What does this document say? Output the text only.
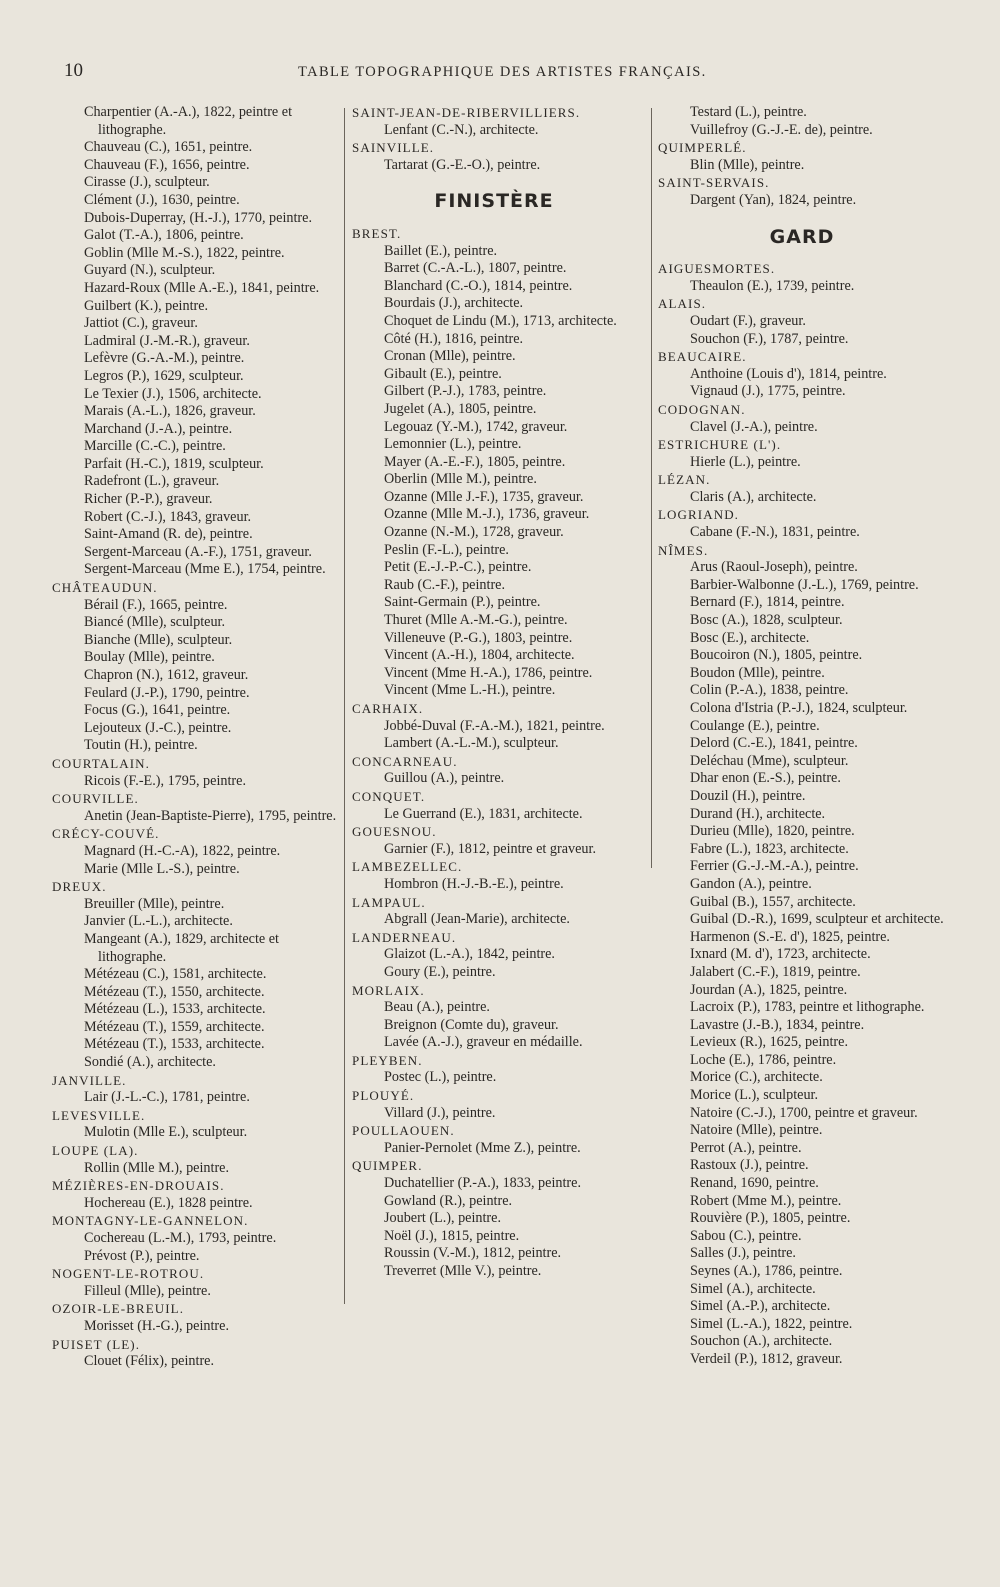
10	TABLE TOPOGRAPHIQUE DES ARTISTES FRANÇAIS.
Charpentier (A.-A.), 1822, peintre et lithographe.
Chauveau (C.), 1651, peintre.
Chauveau (F.), 1656, peintre.
Cirasse (J.), sculpteur.
Clément (J.), 1630, peintre.
Dubois-Duperray, (H.-J.), 1770, peintre.
Galot (T.-A.), 1806, peintre.
Goblin (Mlle M.-S.), 1822, peintre.
Guyard (N.), sculpteur.
Hazard-Roux (Mlle A.-E.), 1841, peintre.
Guilbert (K.), peintre.
Jattiot (C.), graveur.
Ladmiral (J.-M.-R.), graveur.
Lefèvre (G.-A.-M.), peintre.
Legros (P.), 1629, sculpteur.
Le Texier (J.), 1506, architecte.
Marais (A.-L.), 1826, graveur.
Marchand (J.-A.), peintre.
Marcille (C.-C.), peintre.
Parfait (H.-C.), 1819, sculpteur.
Radefront (L.), graveur.
Richer (P.-P.), graveur.
Robert (C.-J.), 1843, graveur.
Saint-Amand (R. de), peintre.
Sergent-Marceau (A.-F.), 1751, graveur.
Sergent-Marceau (Mme E.), 1754, peintre.
CHÂTEAUDUN.
Bérail (F.), 1665, peintre.
Biancé (Mlle), sculpteur.
Bianche (Mlle), sculpteur.
Boulay (Mlle), peintre.
Chapron (N.), 1612, graveur.
Feulard (J.-P.), 1790, peintre.
Focus (G.), 1641, peintre.
Lejouteux (J.-C.), peintre.
Toutin (H.), peintre.
COURTALAIN.
Ricois (F.-E.), 1795, peintre.
COURVILLE.
Anetin (Jean-Baptiste-Pierre), 1795, peintre.
CRÉCY-COUVÉ.
Magnard (H.-C.-A), 1822, peintre.
Marie (Mlle L.-S.), peintre.
DREUX.
Breuiller (Mlle), peintre.
Janvier (L.-L.), architecte.
Mangeant (A.), 1829, architecte et lithographe.
Métézeau (C.), 1581, architecte.
Métézeau (T.), 1550, architecte.
Métézeau (L.), 1533, architecte.
Métézeau (T.), 1559, architecte.
Métézeau (T.), 1533, architecte.
Sondié (A.), architecte.
JANVILLE.
Lair (J.-L.-C.), 1781, peintre.
LEVESVILLE.
Mulotin (Mlle E.), sculpteur.
LOUPE (LA).
Rollin (Mlle M.), peintre.
MÉZIÈRES-EN-DROUAIS.
Hochereau (E.), 1828 peintre.
MONTAGNY-LE-GANNELON.
Cochereau (L.-M.), 1793, peintre.
Prévost (P.), peintre.
NOGENT-LE-ROTROU.
Filleul (Mlle), peintre.
OZOIR-LE-BREUIL.
Morisset (H.-G.), peintre.
PUISET (LE).
Clouet (Félix), peintre.
SAINT-JEAN-DE-RIBERVILLIERS.
Lenfant (C.-N.), architecte.
SAINVILLE.
Tartarat (G.-E.-O.), peintre.
FINISTÈRE
BREST.
Baillet (E.), peintre.
Barret (C.-A.-L.), 1807, peintre.
Blanchard (C.-O.), 1814, peintre.
Bourdais (J.), architecte.
Choquet de Lindu (M.), 1713, architecte.
Côté (H.), 1816, peintre.
Cronan (Mlle), peintre.
Gibault (E.), peintre.
Gilbert (P.-J.), 1783, peintre.
Jugelet (A.), 1805, peintre.
Legouaz (Y.-M.), 1742, graveur.
Lemonnier (L.), peintre.
Mayer (A.-E.-F.), 1805, peintre.
Oberlin (Mlle M.), peintre.
Ozanne (Mlle J.-F.), 1735, graveur.
Ozanne (Mlle M.-J.), 1736, graveur.
Ozanne (N.-M.), 1728, graveur.
Peslin (F.-L.), peintre.
Petit (E.-J.-P.-C.), peintre.
Raub (C.-F.), peintre.
Saint-Germain (P.), peintre.
Thuret (Mlle A.-M.-G.), peintre.
Villeneuve (P.-G.), 1803, peintre.
Vincent (A.-H.), 1804, architecte.
Vincent (Mme H.-A.), 1786, peintre.
Vincent (Mme L.-H.), peintre.
CARHAIX.
Jobbé-Duval (F.-A.-M.), 1821, peintre.
Lambert (A.-L.-M.), sculpteur.
CONCARNEAU.
Guillou (A.), peintre.
CONQUET.
Le Guerrand (E.), 1831, architecte.
GOUESNOU.
Garnier (F.), 1812, peintre et graveur.
LAMBEZELLEC.
Hombron (H.-J.-B.-E.), peintre.
LAMPAUL.
Abgrall (Jean-Marie), architecte.
LANDERNEAU.
Glaizot (L.-A.), 1842, peintre.
Goury (E.), peintre.
MORLAIX.
Beau (A.), peintre.
Breignon (Comte du), graveur.
Lavée (A.-J.), graveur en médaille.
PLEYBEN.
Postec (L.), peintre.
PLOUYÉ.
Villard (J.), peintre.
POULLAOUEN.
Panier-Pernolet (Mme Z.), peintre.
QUIMPER.
Duchatellier (P.-A.), 1833, peintre.
Gowland (R.), peintre.
Joubert (L.), peintre.
Noël (J.), 1815, peintre.
Roussin (V.-M.), 1812, peintre.
Treverret (Mlle V.), peintre.
Testard (L.), peintre.
Vuillefroy (G.-J.-E. de), peintre.
QUIMPERLÉ.
Blin (Mlle), peintre.
SAINT-SERVAIS.
Dargent (Yan), 1824, peintre.
GARD
AIGUESMORTES.
Theaulon (E.), 1739, peintre.
ALAIS.
Oudart (F.), graveur.
Souchon (F.), 1787, peintre.
BEAUCAIRE.
Anthoine (Louis d'), 1814, peintre.
Vignaud (J.), 1775, peintre.
CODOGNAN.
Clavel (J.-A.), peintre.
ESTRICHURE (L').
Hierle (L.), peintre.
LÉZAN.
Claris (A.), architecte.
LOGRIAND.
Cabane (F.-N.), 1831, peintre.
NÎMES.
Arus (Raoul-Joseph), peintre.
Barbier-Walbonne (J.-L.), 1769, peintre.
Bernard (F.), 1814, peintre.
Bosc (A.), 1828, sculpteur.
Bosc (E.), architecte.
Boucoiron (N.), 1805, peintre.
Boudon (Mlle), peintre.
Colin (P.-A.), 1838, peintre.
Colona d'Istria (P.-J.), 1824, sculpteur.
Coulange (E.), peintre.
Delord (C.-E.), 1841, peintre.
Deléchau (Mme), sculpteur.
Dhar enon (E.-S.), peintre.
Douzil (H.), peintre.
Durand (H.), architecte.
Durieu (Mlle), 1820, peintre.
Fabre (L.), 1823, architecte.
Ferrier (G.-J.-M.-A.), peintre.
Gandon (A.), peintre.
Guibal (B.), 1557, architecte.
Guibal (D.-R.), 1699, sculpteur et architecte.
Harmenon (S.-E. d'), 1825, peintre.
Ixnard (M. d'), 1723, architecte.
Jalabert (C.-F.), 1819, peintre.
Jourdan (A.), 1825, peintre.
Lacroix (P.), 1783, peintre et lithographe.
Lavastre (J.-B.), 1834, peintre.
Levieux (R.), 1625, peintre.
Loche (E.), 1786, peintre.
Morice (C.), architecte.
Morice (L.), sculpteur.
Natoire (C.-J.), 1700, peintre et graveur.
Natoire (Mlle), peintre.
Perrot (A.), peintre.
Rastoux (J.), peintre.
Renand, 1690, peintre.
Robert (Mme M.), peintre.
Rouvière (P.), 1805, peintre.
Sabou (C.), peintre.
Salles (J.), peintre.
Seynes (A.), 1786, peintre.
Simel (A.), architecte.
Simel (A.-P.), architecte.
Simel (L.-A.), 1822, peintre.
Souchon (A.), architecte.
Verdeil (P.), 1812, graveur.
